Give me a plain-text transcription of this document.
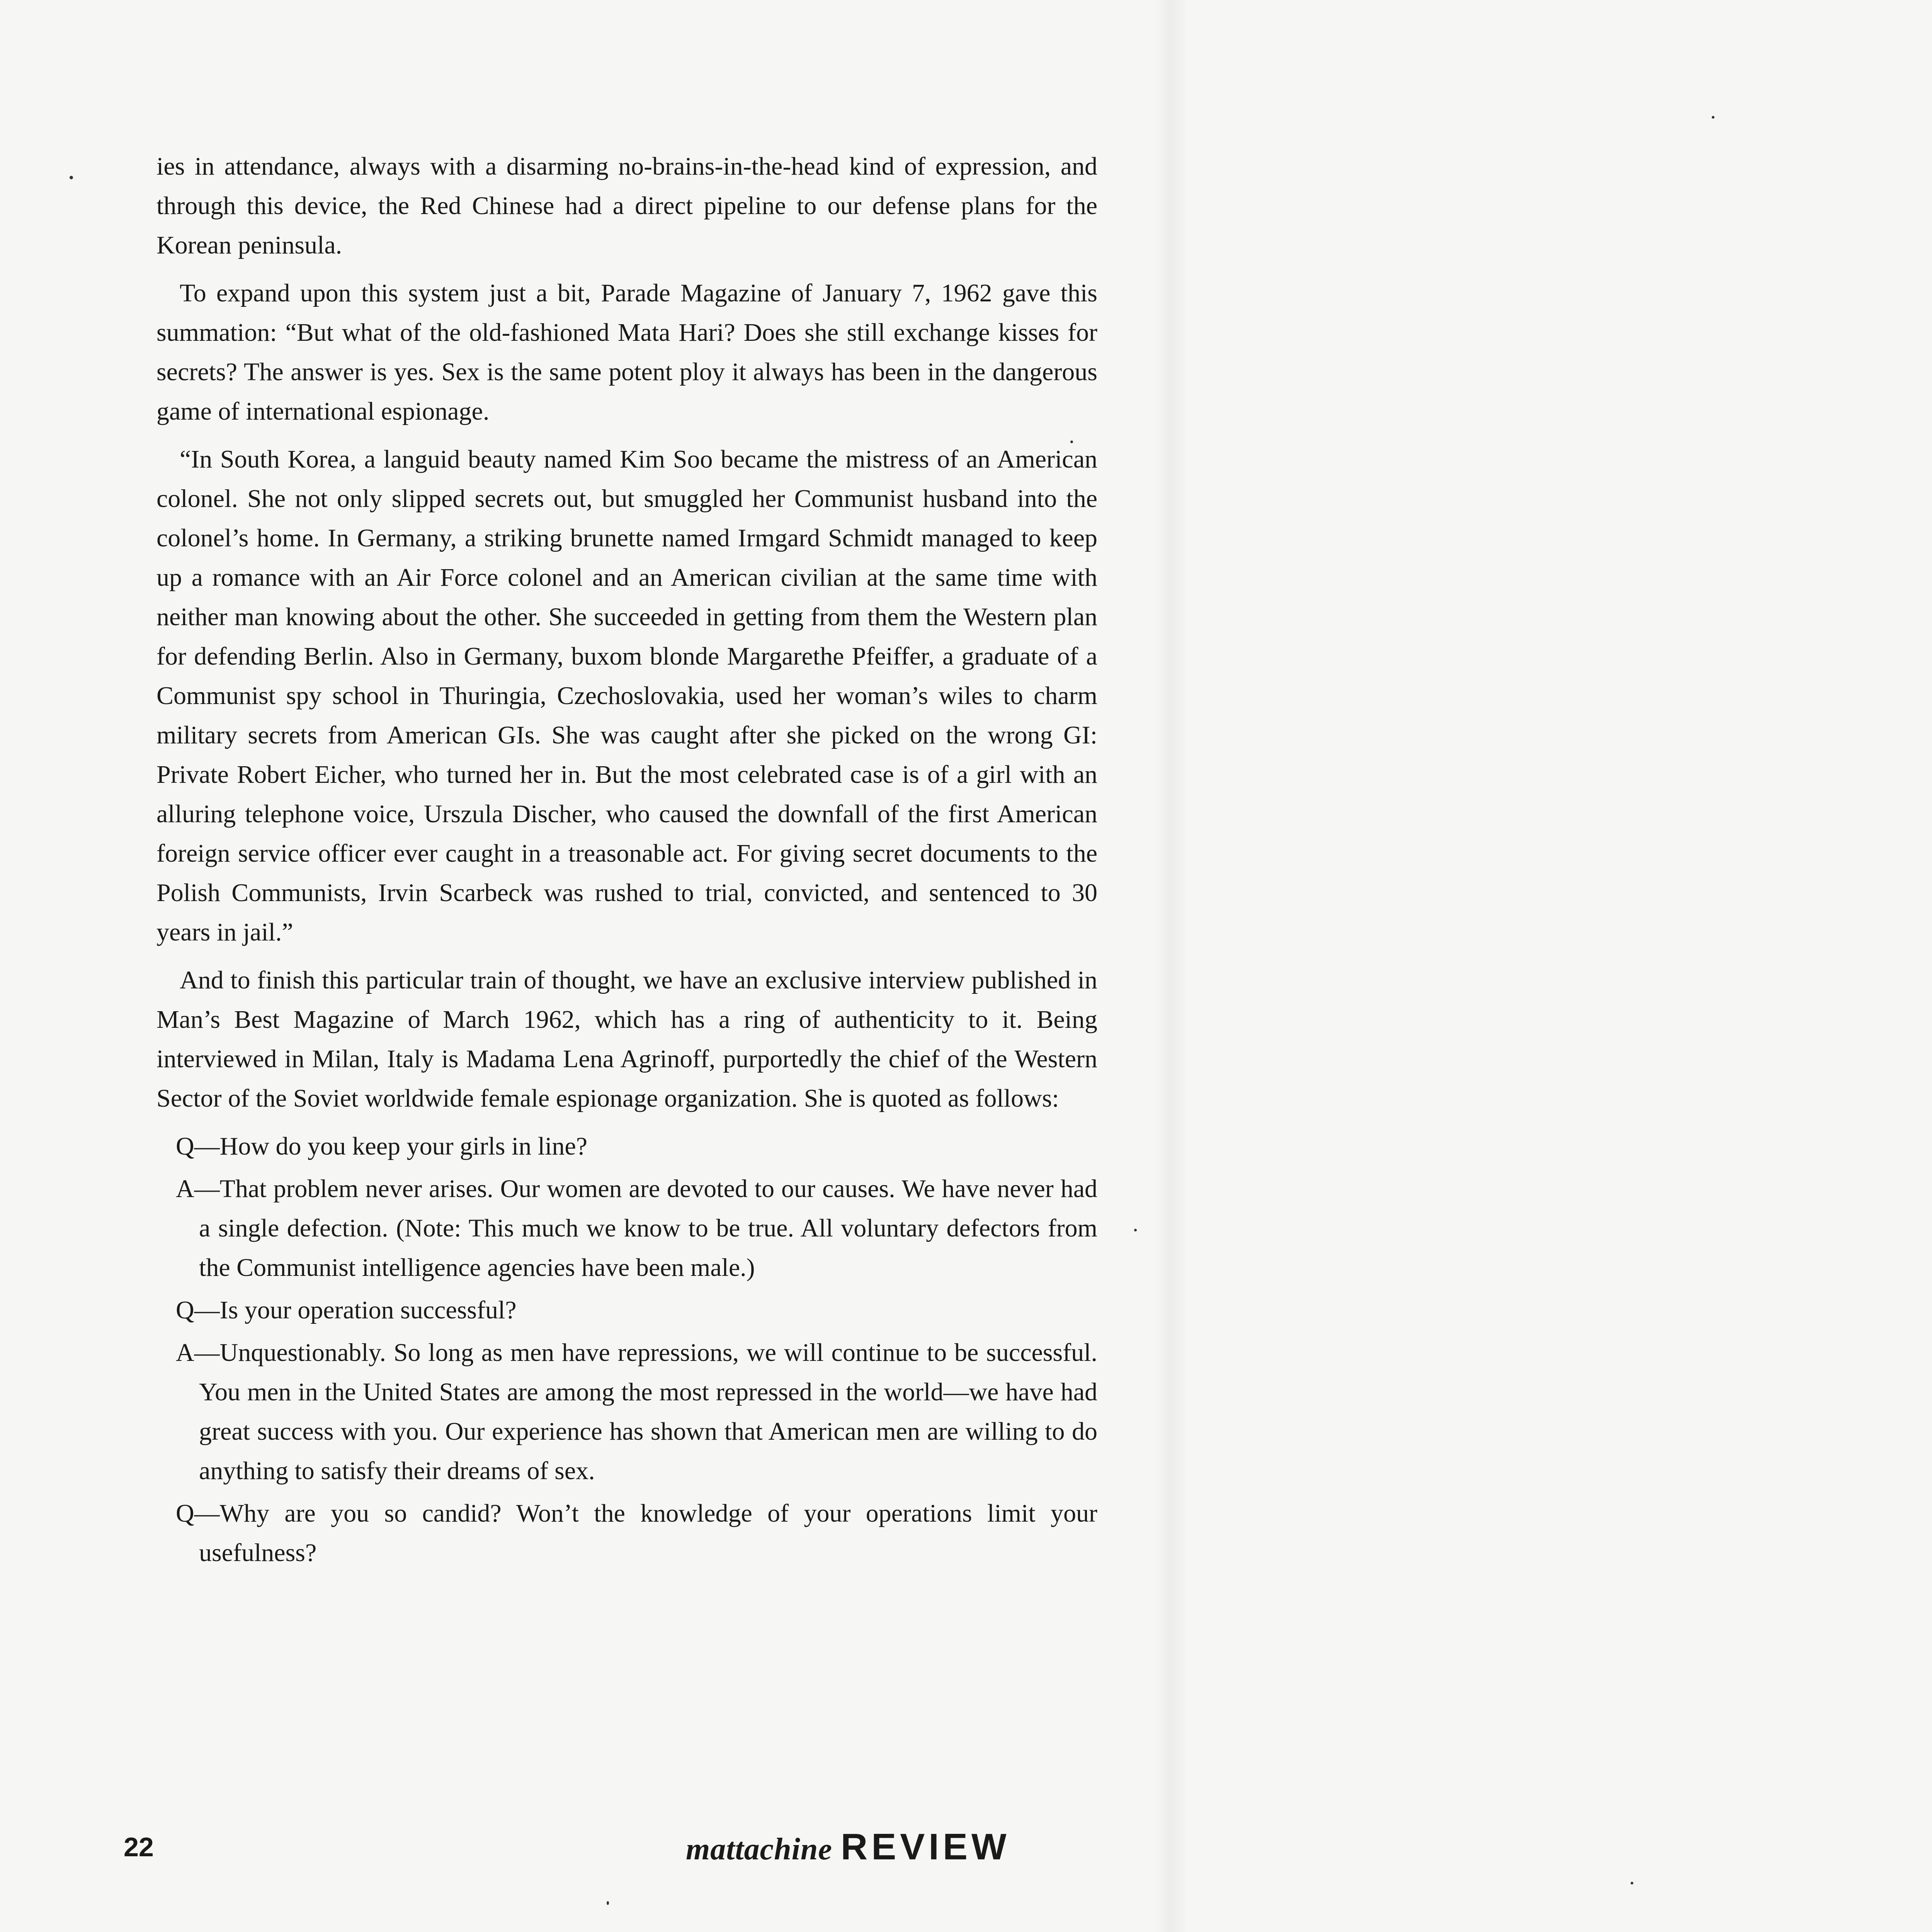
ies in attendance, always with a disarming no-brains-in-the-head kind of expression, and through this device, the Red Chinese had a direct pipeline to our defense plans for the Korean peninsula.

To expand upon this system just a bit, Parade Magazine of January 7, 1962 gave this summation: “But what of the old-fashioned Mata Hari? Does she still exchange kisses for secrets? The answer is yes. Sex is the same potent ploy it always has been in the dangerous game of international espionage.

“In South Korea, a languid beauty named Kim Soo became the mistress of an American colonel. She not only slipped secrets out, but smuggled her Communist husband into the colonel’s home. In Germany, a striking brunette named Irmgard Schmidt managed to keep up a romance with an Air Force colonel and an American civilian at the same time with neither man knowing about the other. She succeeded in getting from them the Western plan for defending Berlin. Also in Germany, buxom blonde Margarethe Pfeiffer, a graduate of a Communist spy school in Thuringia, Czechoslovakia, used her woman’s wiles to charm military secrets from American GIs. She was caught after she picked on the wrong GI: Private Robert Eicher, who turned her in. But the most celebrated case is of a girl with an alluring telephone voice, Urszula Discher, who caused the downfall of the first American foreign service officer ever caught in a treasonable act. For giving secret documents to the Polish Communists, Irvin Scarbeck was rushed to trial, convicted, and sentenced to 30 years in jail.”

And to finish this particular train of thought, we have an exclusive interview published in Man’s Best Magazine of March 1962, which has a ring of authenticity to it. Being interviewed in Milan, Italy is Madama Lena Agrinoff, purportedly the chief of the Western Sector of the Soviet worldwide female espionage organization. She is quoted as follows:

Q—How do you keep your girls in line?

A—That problem never arises. Our women are devoted to our causes. We have never had a single defection. (Note: This much we know to be true. All voluntary defectors from the Communist intelligence agencies have been male.)

Q—Is your operation successful?

A—Unquestionably. So long as men have repressions, we will continue to be successful. You men in the United States are among the most repressed in the world—we have had great success with you. Our experience has shown that American men are willing to do anything to satisfy their dreams of sex.

Q—Why are you so candid? Won’t the knowledge of your operations limit your usefulness?

22	mattachine REVIEW
